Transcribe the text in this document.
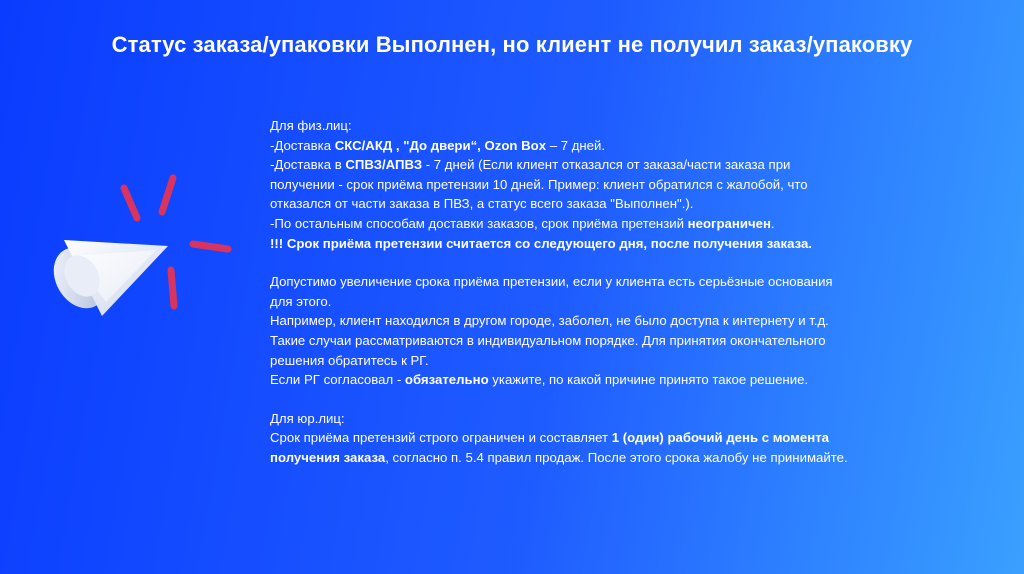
Статус заказа/упаковки Выполнен, но клиент не получил заказ/упаковку

Для физ.лиц:

-Доставка СКС/АКД , "До двери“, Ozon Box – 7 дней.

-Доставка в СПВЗ/АПВЗ - 7 дней (Если клиент отказался от заказа/части заказа при

получении - срок приёма претензии 10 дней. Пример: клиент обратился с жалобой, что

отказался от части заказа в ПВЗ, а статус всего заказа "Выполнен".).

-По остальным способам доставки заказов, срок приёма претензий неограничен.

!!! Срок приёма претензии считается со следующего дня, после получения заказа.

Допустимо увеличение срока приёма претензии, если у клиента есть серьёзные основания

для этого.

Например, клиент находился в другом городе, заболел, не было доступа к интернету и т.д.

Такие случаи рассматриваются в индивидуальном порядке. Для принятия окончательного

решения обратитесь к РГ.

Если РГ согласовал - обязательно укажите, по какой причине принято такое решение.

Для юр.лиц:

Срок приёма претензий строго ограничен и составляет 1 (один) рабочий день с момента

получения заказа, согласно п. 5.4 правил продаж. После этого срока жалобу не принимайте.
